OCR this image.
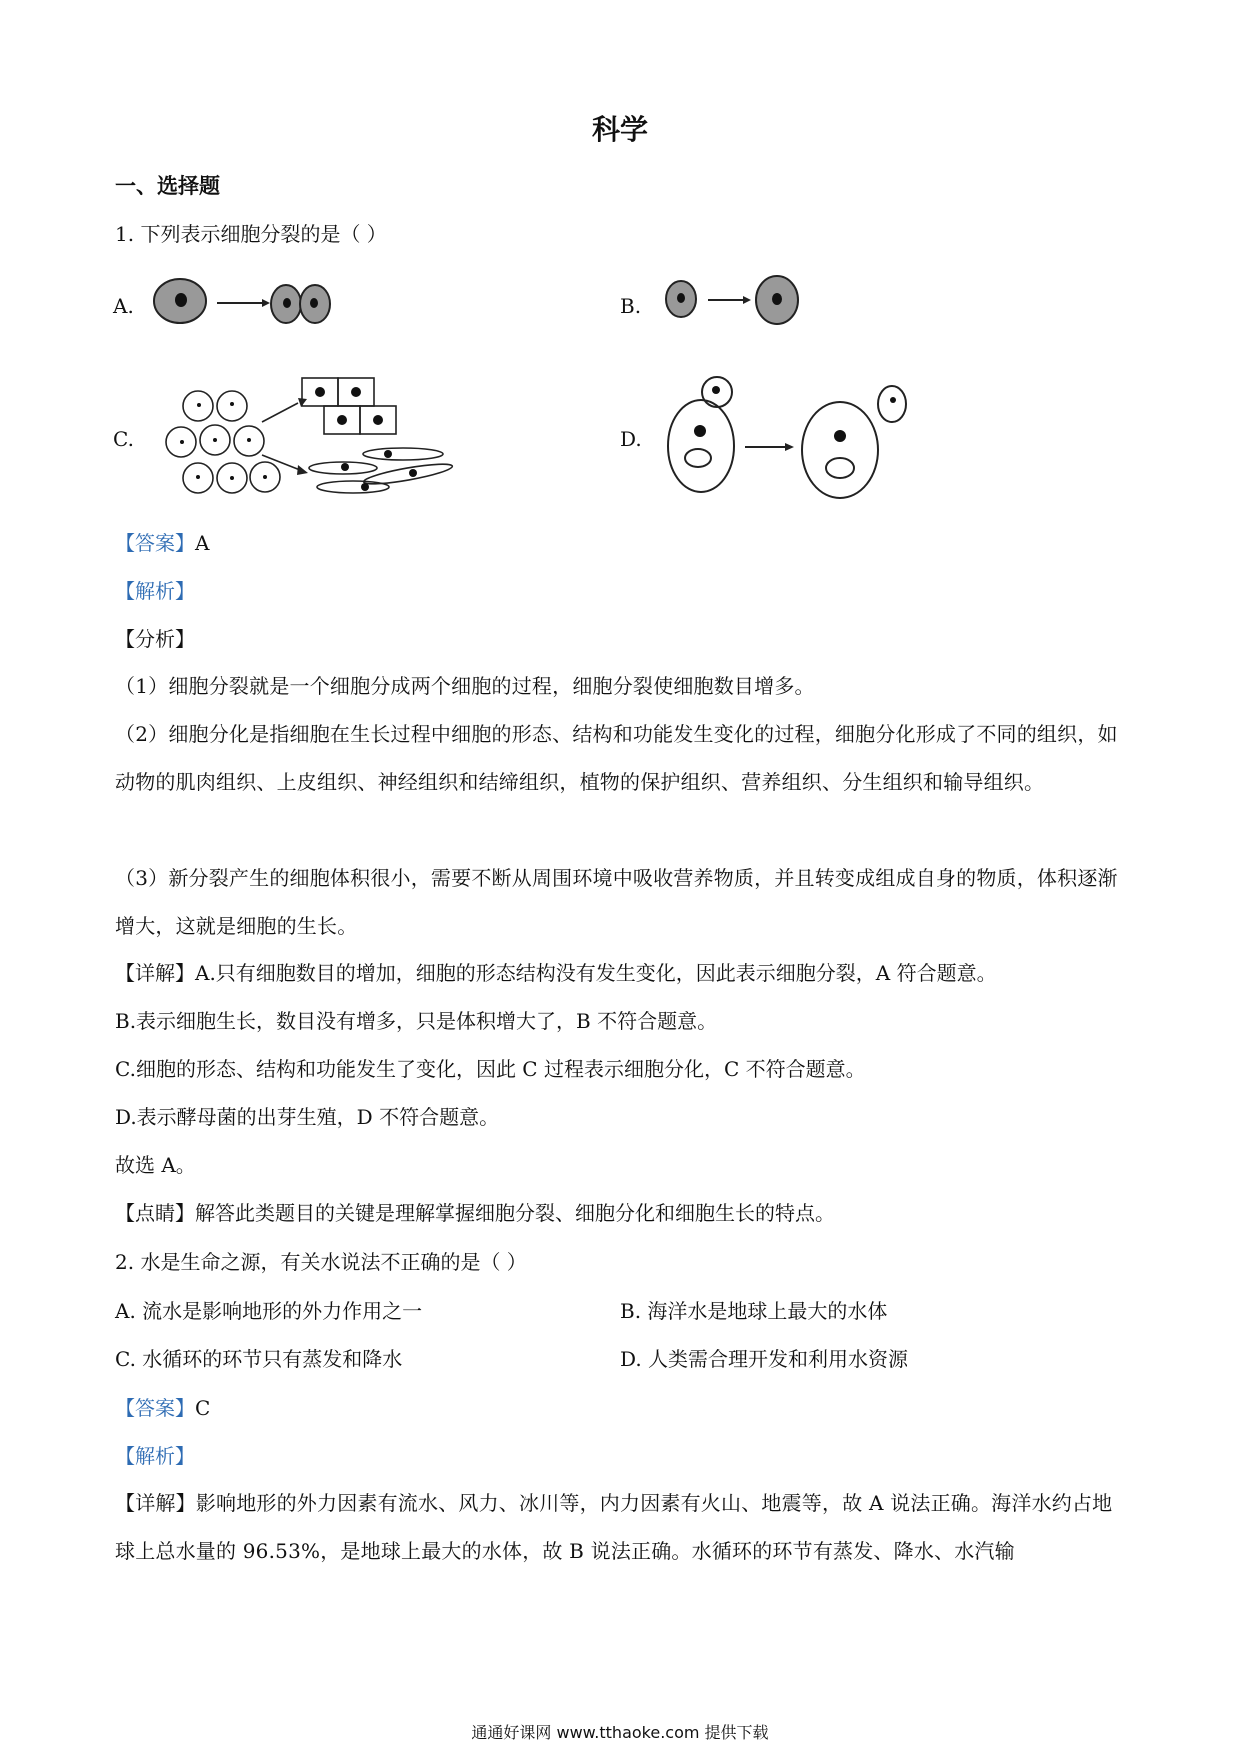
科学
一、选择题
1. 下列表示细胞分裂的是（ ）
A.	B.
C.	D.
【答案】A
【解析】
【分析】
（1）细胞分裂就是一个细胞分成两个细胞的过程，细胞分裂使细胞数目增多。
（2）细胞分化是指细胞在生长过程中细胞的形态、结构和功能发生变化的过程，细胞分化形成了不同的组织，如动物的肌肉组织、上皮组织、神经组织和结缔组织，植物的保护组织、营养组织、分生组织和输导组织。
（3）新分裂产生的细胞体积很小，需要不断从周围环境中吸收营养物质，并且转变成组成自身的物质，体积逐渐增大，这就是细胞的生长。
【详解】A.只有细胞数目的增加，细胞的形态结构没有发生变化，因此表示细胞分裂，A 符合题意。
B.表示细胞生长，数目没有增多，只是体积增大了，B 不符合题意。
C.细胞的形态、结构和功能发生了变化，因此 C 过程表示细胞分化，C 不符合题意。
D.表示酵母菌的出芽生殖，D 不符合题意。
故选 A。
【点睛】解答此类题目的关键是理解掌握细胞分裂、细胞分化和细胞生长的特点。
2. 水是生命之源，有关水说法不正确的是（ ）
A. 流水是影响地形的外力作用之一	B. 海洋水是地球上最大的水体
C. 水循环的环节只有蒸发和降水	D. 人类需合理开发和利用水资源
【答案】C
【解析】
【详解】影响地形的外力因素有流水、风力、冰川等，内力因素有火山、地震等，故 A 说法正确。海洋水约占地球上总水量的 96.53%，是地球上最大的水体，故 B 说法正确。水循环的环节有蒸发、降水、水汽输
通通好课网 www.tthaoke.com 提供下载
